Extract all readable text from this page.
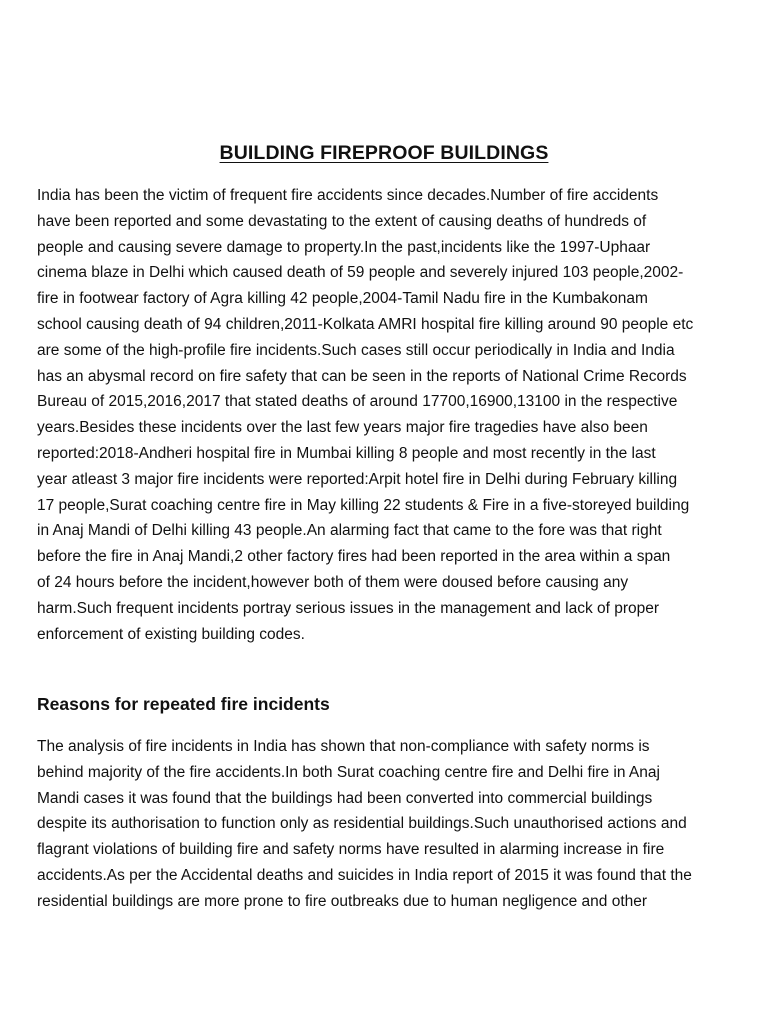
BUILDING FIREPROOF BUILDINGS
India has been the victim of frequent fire accidents since decades.Number of fire accidents
have been reported and some devastating to the extent of causing deaths of hundreds of
people and causing severe damage to property.In the past,incidents like the 1997-Uphaar
cinema blaze in Delhi which caused death of 59 people and severely injured 103 people,2002-
fire in footwear factory of Agra killing 42 people,2004-Tamil Nadu fire in the Kumbakonam
school causing death of 94 children,2011-Kolkata AMRI hospital fire killing around 90 people etc
are some of the high-profile fire incidents.Such cases still occur periodically in India and India
has an abysmal record on fire safety that can be seen in the reports of National Crime Records
Bureau of 2015,2016,2017 that stated deaths of around 17700,16900,13100 in the respective
years.Besides these incidents over the last few years major fire tragedies have also been
reported:2018-Andheri hospital fire in Mumbai killing 8 people and most recently in the last
year atleast 3 major fire incidents were reported:Arpit hotel fire in Delhi during February killing
17 people,Surat coaching centre fire in May killing 22 students & Fire in a five-storeyed building
in Anaj Mandi of Delhi killing 43 people.An alarming fact that came to the fore was that right
before the fire in Anaj Mandi,2 other factory fires had been reported in the area within a span
of 24 hours before the incident,however both of them were doused before causing any
harm.Such frequent incidents portray serious issues in the management and lack of proper
enforcement of existing building codes.
Reasons for repeated fire incidents
The analysis of fire incidents in India has shown that non-compliance with safety norms is
behind majority of the fire accidents.In both Surat coaching centre fire and Delhi fire in Anaj
Mandi cases it was found that the buildings had been converted into commercial buildings
despite its authorisation to function only as residential buildings.Such unauthorised actions and
flagrant violations of building fire and safety norms have resulted in alarming increase in fire
accidents.As per the Accidental deaths and suicides in India report of 2015 it was found that the
residential buildings are more prone to fire outbreaks due to human negligence and other
